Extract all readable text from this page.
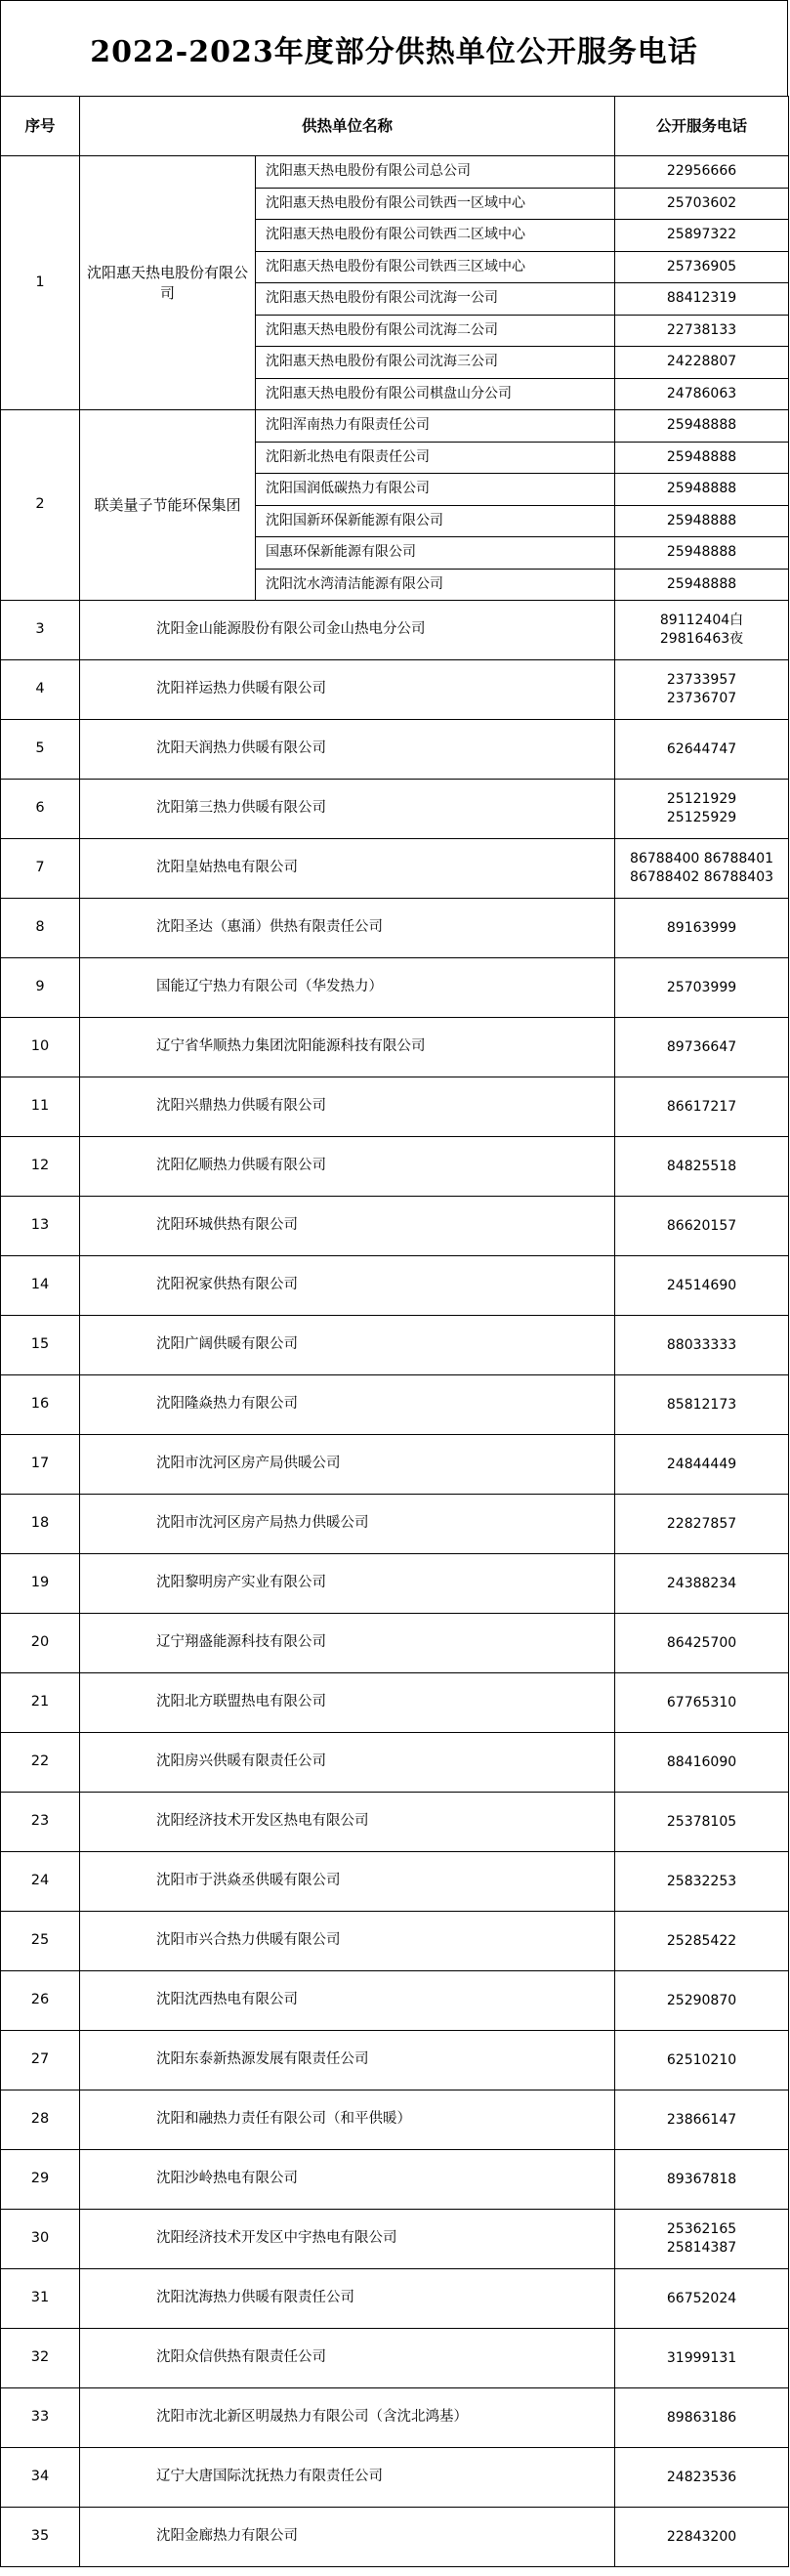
2022-2023年度部分供热单位公开服务电话
序号	供热单位名称		公开服务电话
1	沈阳惠天热电股份有限公司	沈阳惠天热电股份有限公司总公司	22956666
		沈阳惠天热电股份有限公司铁西一区域中心	25703602
		沈阳惠天热电股份有限公司铁西二区域中心	25897322
		沈阳惠天热电股份有限公司铁西三区域中心	25736905
		沈阳惠天热电股份有限公司沈海一公司	88412319
		沈阳惠天热电股份有限公司沈海二公司	22738133
		沈阳惠天热电股份有限公司沈海三公司	24228807
		沈阳惠天热电股份有限公司棋盘山分公司	24786063
2	联美量子节能环保集团	沈阳浑南热力有限责任公司	25948888
		沈阳新北热电有限责任公司	25948888
		沈阳国润低碳热力有限公司	25948888
		沈阳国新环保新能源有限公司	25948888
		国惠环保新能源有限公司	25948888
		沈阳沈水湾清洁能源有限公司	25948888
3	沈阳金山能源股份有限公司金山热电分公司		89112404白
29816463夜

4	沈阳祥运热力供暖有限公司		23733957
23736707

5	沈阳天润热力供暖有限公司		62644747

6	沈阳第三热力供暖有限公司		25121929
25125929

7	沈阳皇姑热电有限公司		86788400 86788401
86788402 86788403

8	沈阳圣达（惠涌）供热有限责任公司		89163999

9	国能辽宁热力有限公司（华发热力）		25703999

10	辽宁省华顺热力集团沈阳能源科技有限公司		89736647

11	沈阳兴鼎热力供暖有限公司		86617217

12	沈阳亿顺热力供暖有限公司		84825518

13	沈阳环城供热有限公司		86620157

14	沈阳祝家供热有限公司		24514690

15	沈阳广阔供暖有限公司		88033333

16	沈阳隆焱热力有限公司		85812173

17	沈阳市沈河区房产局供暖公司		24844449

18	沈阳市沈河区房产局热力供暖公司		22827857

19	沈阳黎明房产实业有限公司		24388234

20	辽宁翔盛能源科技有限公司		86425700

21	沈阳北方联盟热电有限公司		67765310

22	沈阳房兴供暖有限责任公司		88416090

23	沈阳经济技术开发区热电有限公司		25378105

24	沈阳市于洪焱丞供暖有限公司		25832253

25	沈阳市兴合热力供暖有限公司		25285422

26	沈阳沈西热电有限公司		25290870

27	沈阳东泰新热源发展有限责任公司		62510210

28	沈阳和融热力责任有限公司（和平供暖）		23866147

29	沈阳沙岭热电有限公司		89367818

30	沈阳经济技术开发区中宇热电有限公司		25362165
25814387

31	沈阳沈海热力供暖有限责任公司		66752024

32	沈阳众信供热有限责任公司		31999131

33	沈阳市沈北新区明晟热力有限公司（含沈北鸿基）		89863186

34	辽宁大唐国际沈抚热力有限责任公司		24823536

35	沈阳金廊热力有限公司		22843200
